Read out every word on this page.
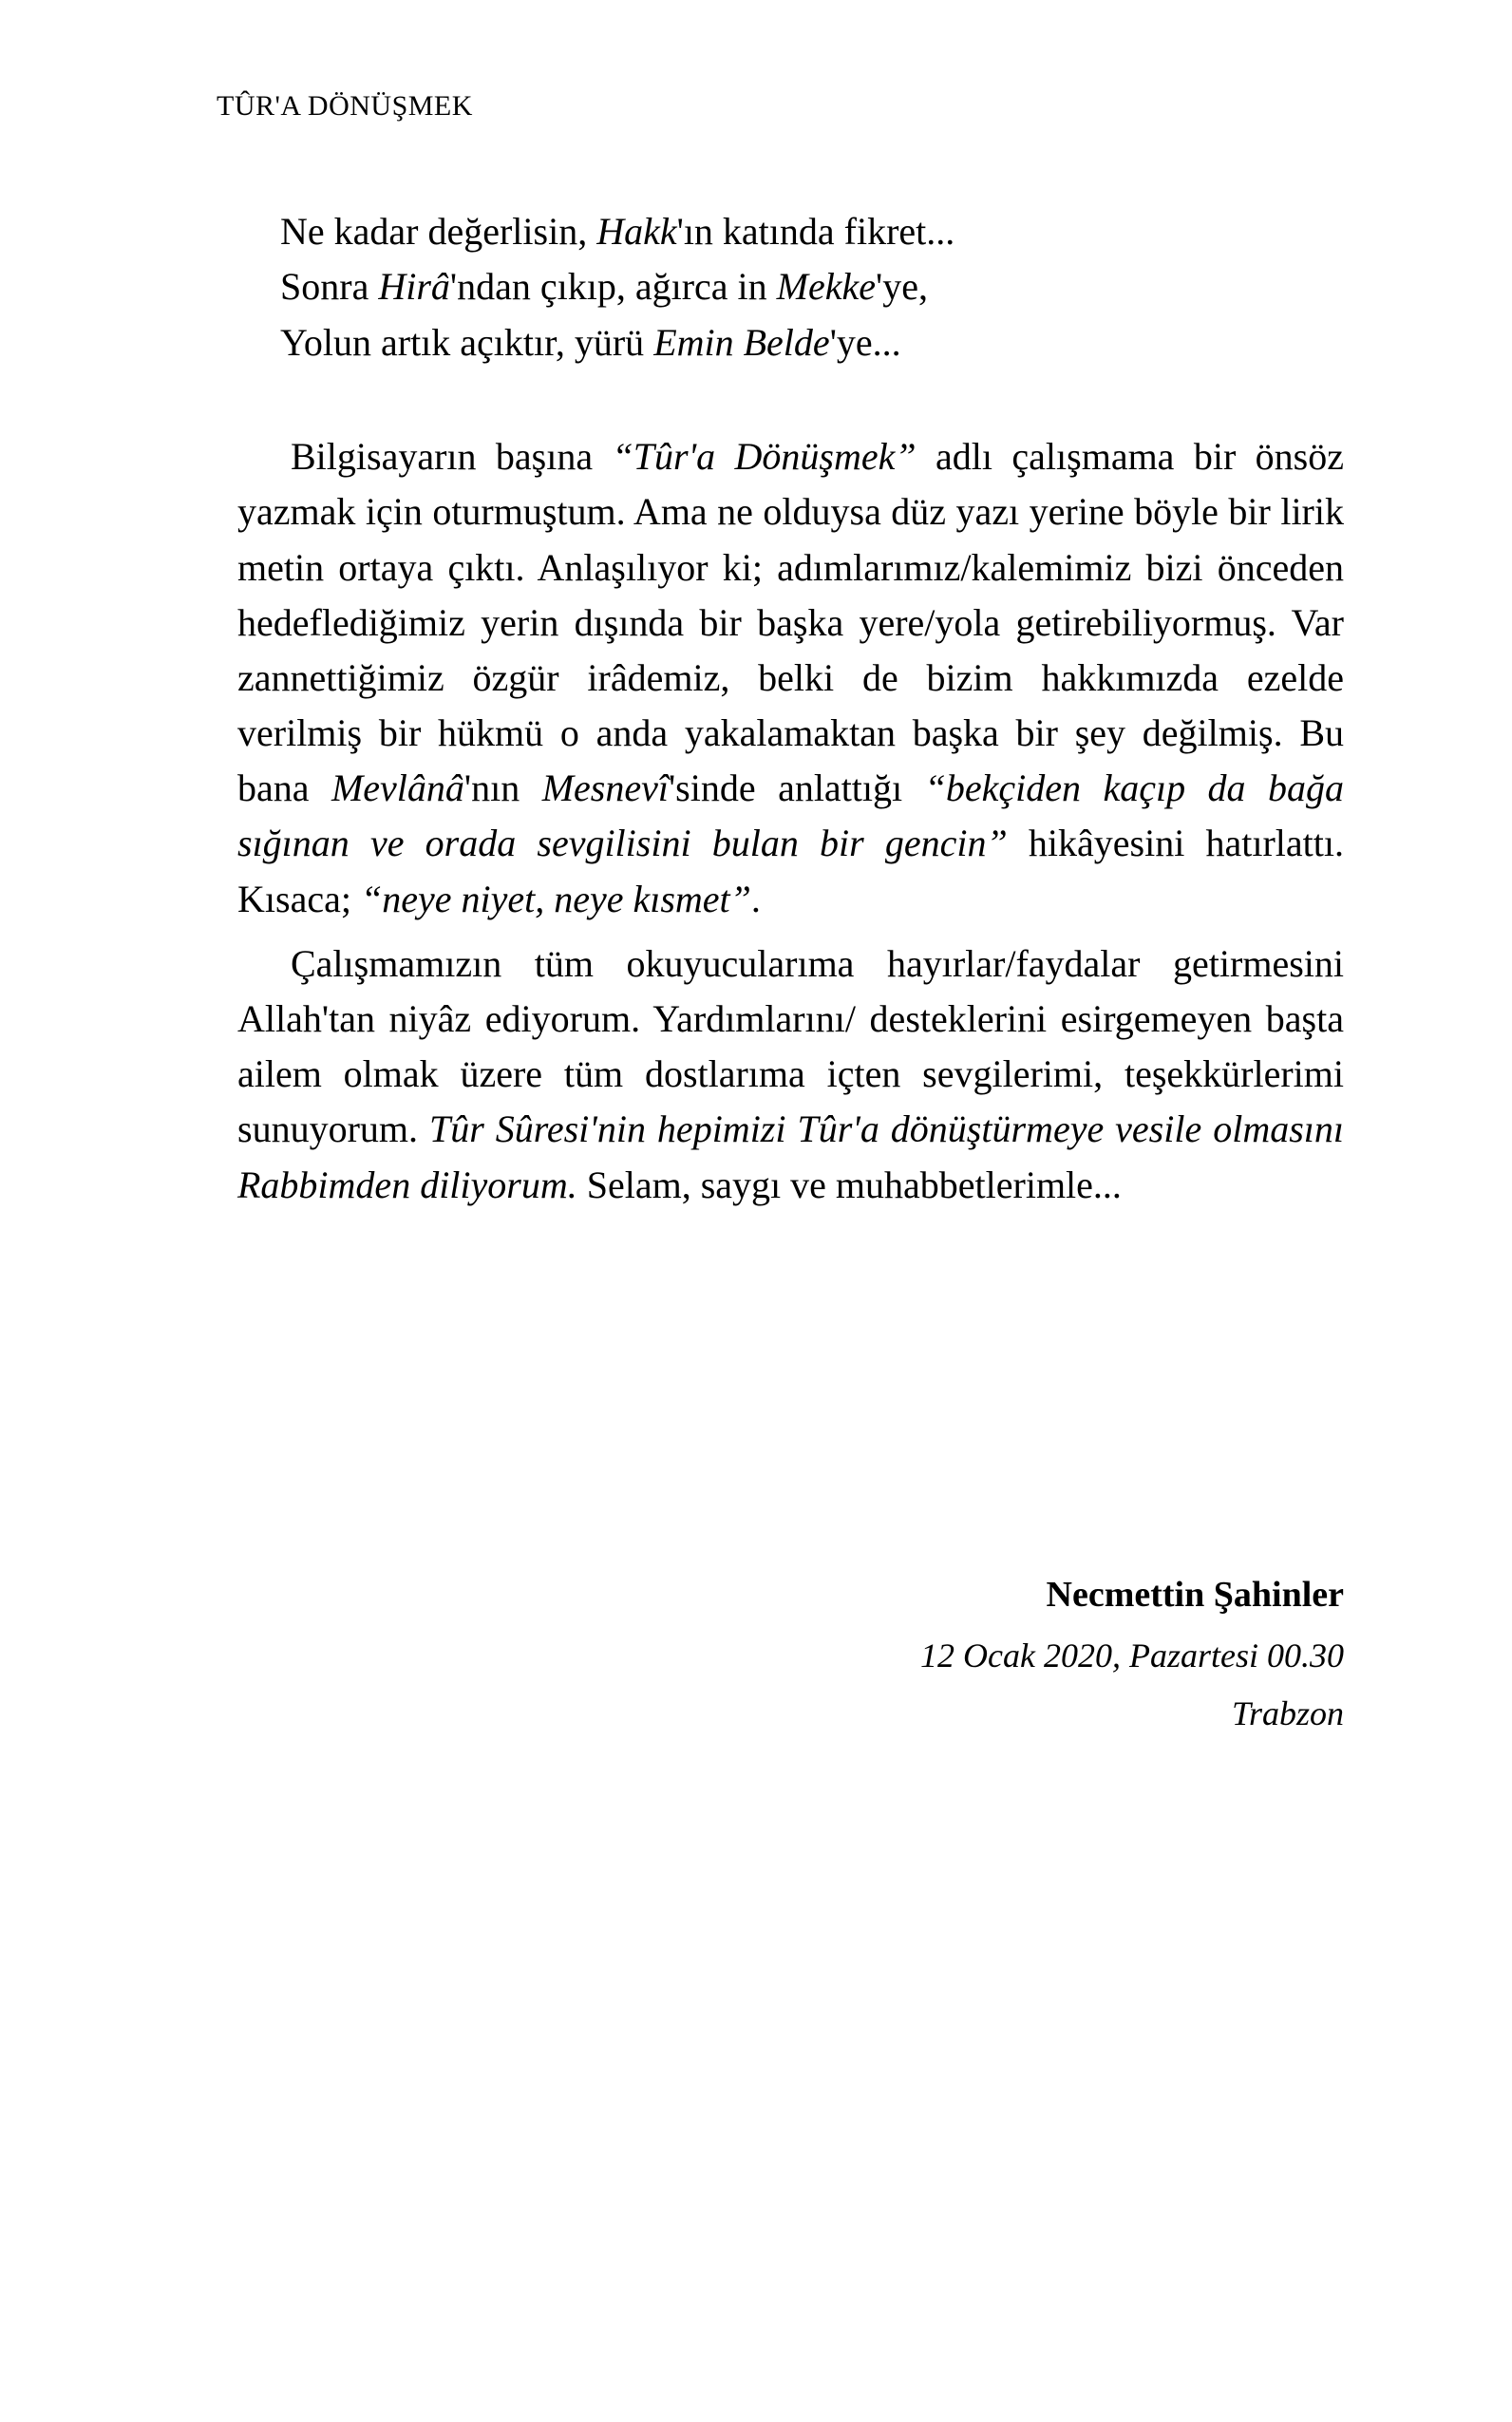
TÛR'A DÖNÜŞMEK
Ne kadar değerlisin, Hakk'ın katında fikret...
Sonra Hirâ'ndan çıkıp, ağırca in Mekke'ye,
Yolun artık açıktır, yürü Emin Belde'ye...

Bilgisayarın başına “Tûr'a Dönüşmek” adlı çalışmama bir önsöz yazmak için oturmuştum. Ama ne olduysa düz yazı yerine böyle bir lirik metin ortaya çıktı. Anlaşılıyor ki; adımlarımız/kalemimiz bizi önceden hedeflediğimiz yerin dışında bir başka yere/yola getirebiliyormuş. Var zannettiğimiz özgür irâdemiz, belki de bizim hakkımızda ezelde verilmiş bir hükmü o anda yakalamaktan başka bir şey değilmiş. Bu bana Mevlânâ'nın Mesnevî'sinde anlattığı “bekçiden kaçıp da bağa sığınan ve orada sevgilisini bulan bir gencin” hikâyesini hatırlattı. Kısaca; “neye niyet, neye kısmet”.

Çalışmamızın tüm okuyucularıma hayırlar/faydalar getirmesini Allah'tan niyâz ediyorum. Yardımlarını/ desteklerini esirgemeyen başta ailem olmak üzere tüm dostlarıma içten sevgilerimi, teşekkürlerimi sunuyorum. Tûr Sûresi'nin hepimizi Tûr'a dönüştürmeye vesile olmasını Rabbimden diliyorum. Selam, saygı ve muhabbetlerimle...

Necmettin Şahinler
12 Ocak 2020, Pazartesi 00.30
Trabzon
